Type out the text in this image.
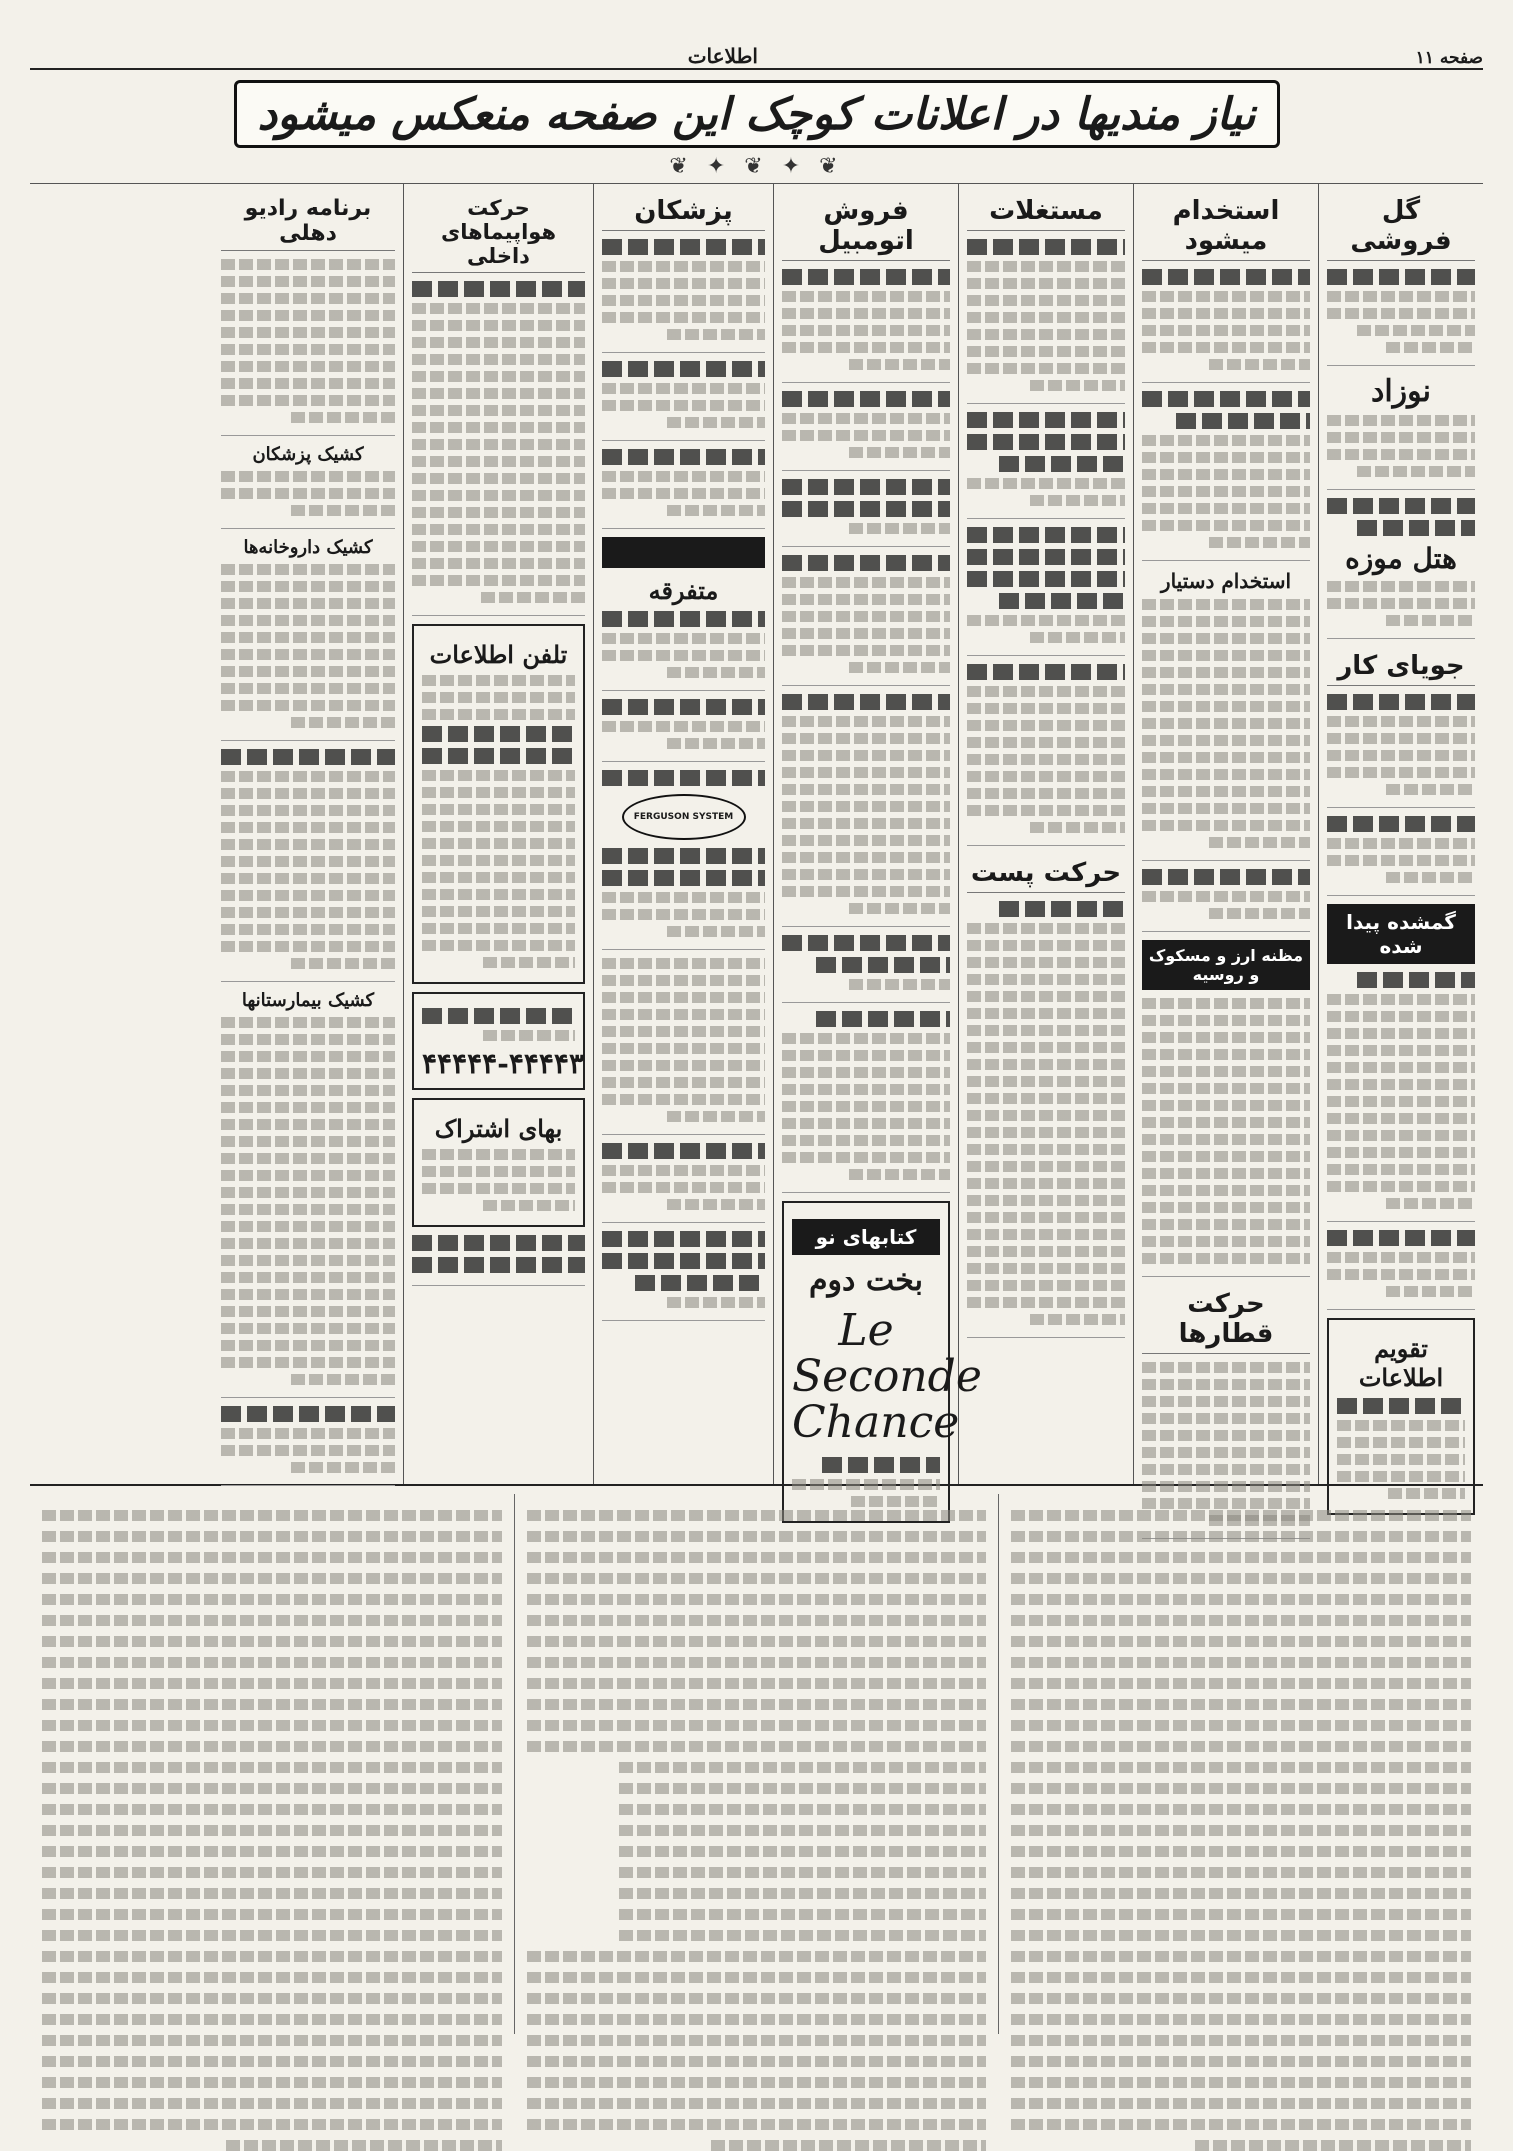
اطلاعات	صفحه ۱۱
نیاز مندیها در اعلانات کوچک این صفحه منعکس میشود
❦ ✦ ❦ ✦ ❦
گل فروشی
نوزاد
هتل موزه
جویای کار
گمشده پیدا شده
تقویم اطلاعات
استخدام میشود
استخدام دستیار
مظنه ارز و مسکوک و روسیه
حرکت قطارها
مستغلات
حرکت پست
فروش اتومبیل
کتابهای نو
بخت دوم
Le Seconde Chance
پزشکان

متفرقه
FERGUSON SYSTEM
حرکت هواپیماهای داخلی
تلفن اطلاعات
۴۴۴۴۴-۴۴۴۴۳
بهای اشتراک
برنامه رادیو دهلی
کشیک پزشکان
کشیک داروخانه‌ها
کشیک بیمارستانها
